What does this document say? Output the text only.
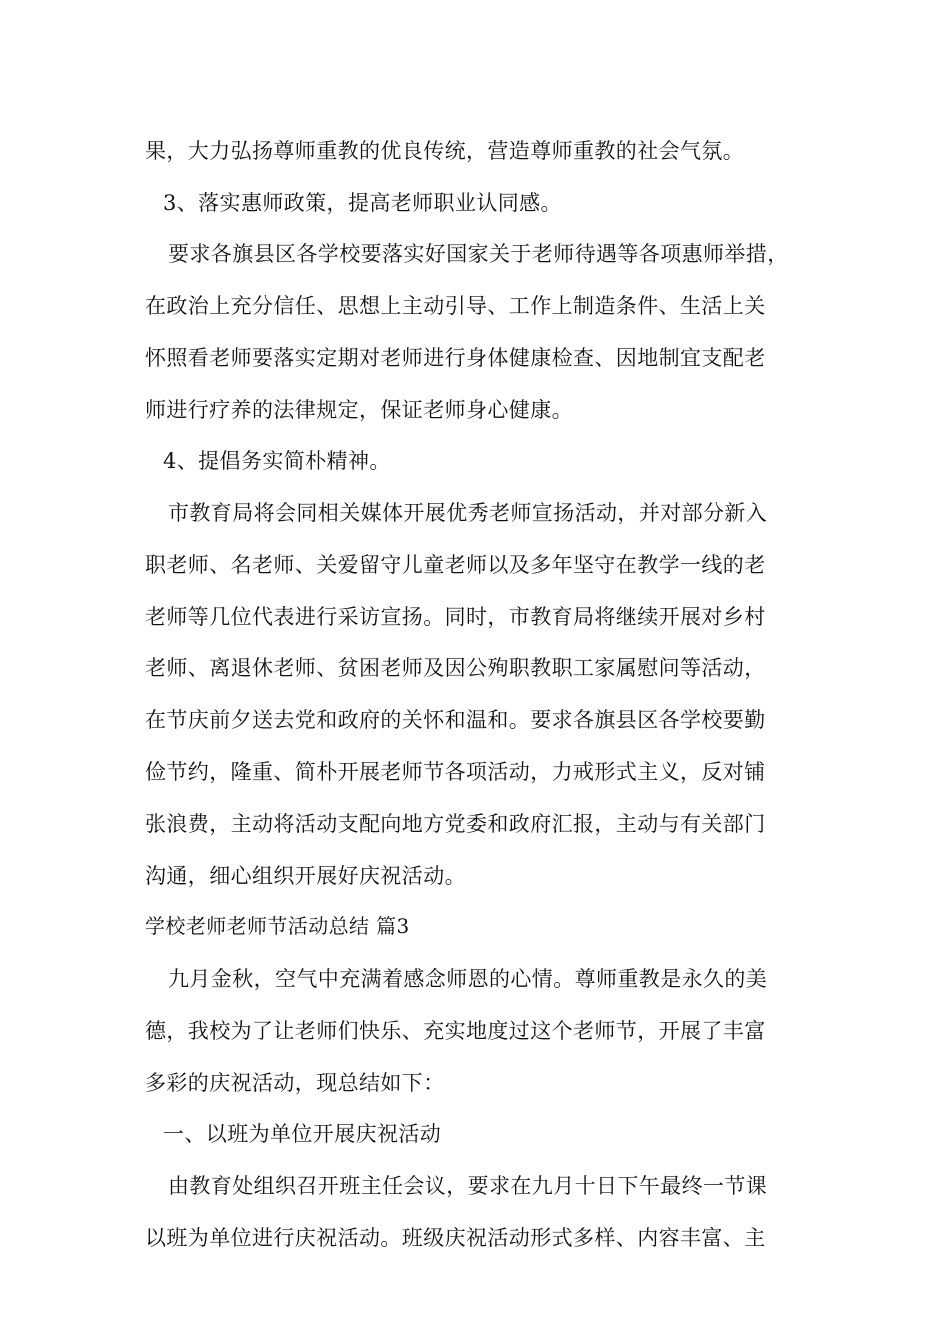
果，大力弘扬尊师重教的优良传统，营造尊师重教的社会气氛。
3、落实惠师政策，提高老师职业认同感。
要求各旗县区各学校要落实好国家关于老师待遇等各项惠师举措，
在政治上充分信任、思想上主动引导、工作上制造条件、生活上关
怀照看老师要落实定期对老师进行身体健康检查、因地制宜支配老
师进行疗养的法律规定，保证老师身心健康。
4、提倡务实简朴精神。
市教育局将会同相关媒体开展优秀老师宣扬活动，并对部分新入
职老师、名老师、关爱留守儿童老师以及多年坚守在教学一线的老
老师等几位代表进行采访宣扬。同时，市教育局将继续开展对乡村
老师、离退休老师、贫困老师及因公殉职教职工家属慰问等活动，
在节庆前夕送去党和政府的关怀和温和。要求各旗县区各学校要勤
俭节约，隆重、简朴开展老师节各项活动，力戒形式主义，反对铺
张浪费，主动将活动支配向地方党委和政府汇报，主动与有关部门
沟通，细心组织开展好庆祝活动。
学校老师老师节活动总结 篇3
九月金秋，空气中充满着感念师恩的心情。尊师重教是永久的美
德，我校为了让老师们快乐、充实地度过这个老师节，开展了丰富
多彩的庆祝活动，现总结如下：
一、以班为单位开展庆祝活动
由教育处组织召开班主任会议，要求在九月十日下午最终一节课
以班为单位进行庆祝活动。班级庆祝活动形式多样、内容丰富、主
